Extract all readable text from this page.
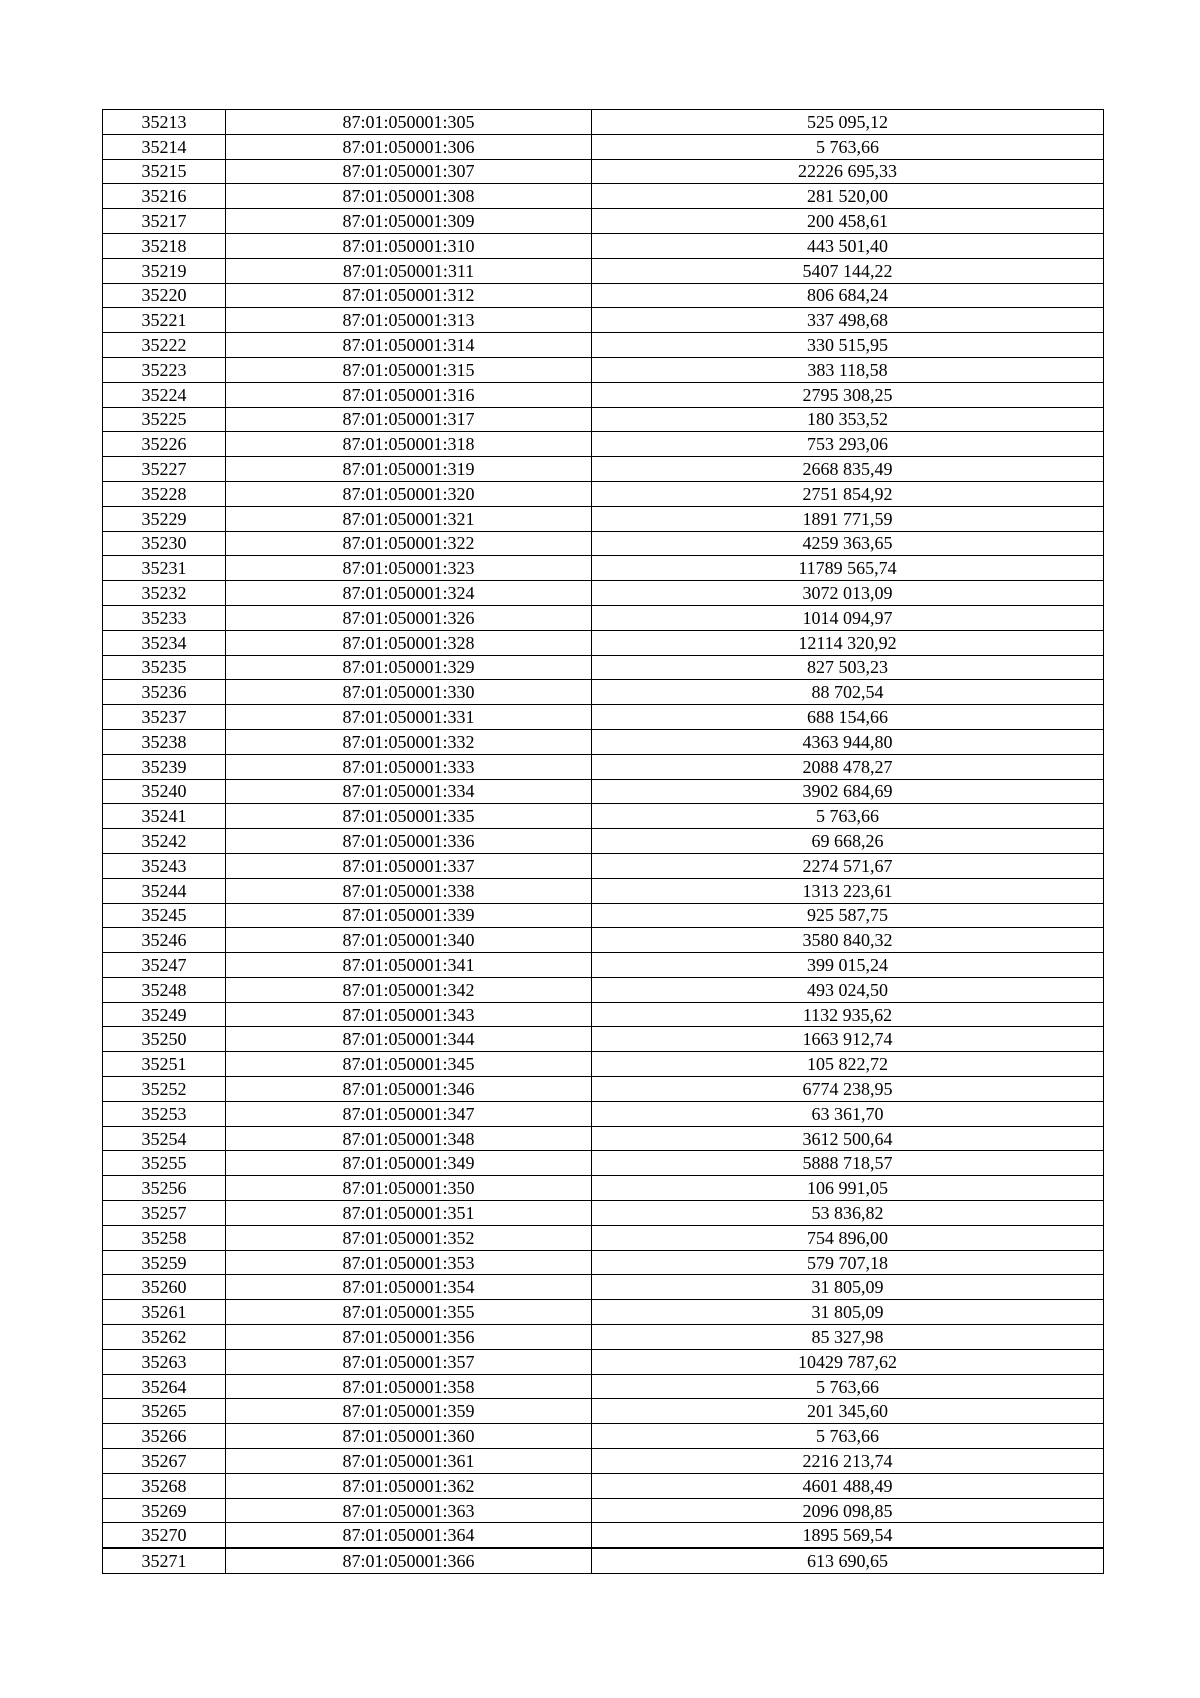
35213	87:01:050001:305	525 095,12
35214	87:01:050001:306	5 763,66
35215	87:01:050001:307	22226 695,33
35216	87:01:050001:308	281 520,00
35217	87:01:050001:309	200 458,61
35218	87:01:050001:310	443 501,40
35219	87:01:050001:311	5407 144,22
35220	87:01:050001:312	806 684,24
35221	87:01:050001:313	337 498,68
35222	87:01:050001:314	330 515,95
35223	87:01:050001:315	383 118,58
35224	87:01:050001:316	2795 308,25
35225	87:01:050001:317	180 353,52
35226	87:01:050001:318	753 293,06
35227	87:01:050001:319	2668 835,49
35228	87:01:050001:320	2751 854,92
35229	87:01:050001:321	1891 771,59
35230	87:01:050001:322	4259 363,65
35231	87:01:050001:323	11789 565,74
35232	87:01:050001:324	3072 013,09
35233	87:01:050001:326	1014 094,97
35234	87:01:050001:328	12114 320,92
35235	87:01:050001:329	827 503,23
35236	87:01:050001:330	88 702,54
35237	87:01:050001:331	688 154,66
35238	87:01:050001:332	4363 944,80
35239	87:01:050001:333	2088 478,27
35240	87:01:050001:334	3902 684,69
35241	87:01:050001:335	5 763,66
35242	87:01:050001:336	69 668,26
35243	87:01:050001:337	2274 571,67
35244	87:01:050001:338	1313 223,61
35245	87:01:050001:339	925 587,75
35246	87:01:050001:340	3580 840,32
35247	87:01:050001:341	399 015,24
35248	87:01:050001:342	493 024,50
35249	87:01:050001:343	1132 935,62
35250	87:01:050001:344	1663 912,74
35251	87:01:050001:345	105 822,72
35252	87:01:050001:346	6774 238,95
35253	87:01:050001:347	63 361,70
35254	87:01:050001:348	3612 500,64
35255	87:01:050001:349	5888 718,57
35256	87:01:050001:350	106 991,05
35257	87:01:050001:351	53 836,82
35258	87:01:050001:352	754 896,00
35259	87:01:050001:353	579 707,18
35260	87:01:050001:354	31 805,09
35261	87:01:050001:355	31 805,09
35262	87:01:050001:356	85 327,98
35263	87:01:050001:357	10429 787,62
35264	87:01:050001:358	5 763,66
35265	87:01:050001:359	201 345,60
35266	87:01:050001:360	5 763,66
35267	87:01:050001:361	2216 213,74
35268	87:01:050001:362	4601 488,49
35269	87:01:050001:363	2096 098,85
35270	87:01:050001:364	1895 569,54
35271	87:01:050001:366	613 690,65
